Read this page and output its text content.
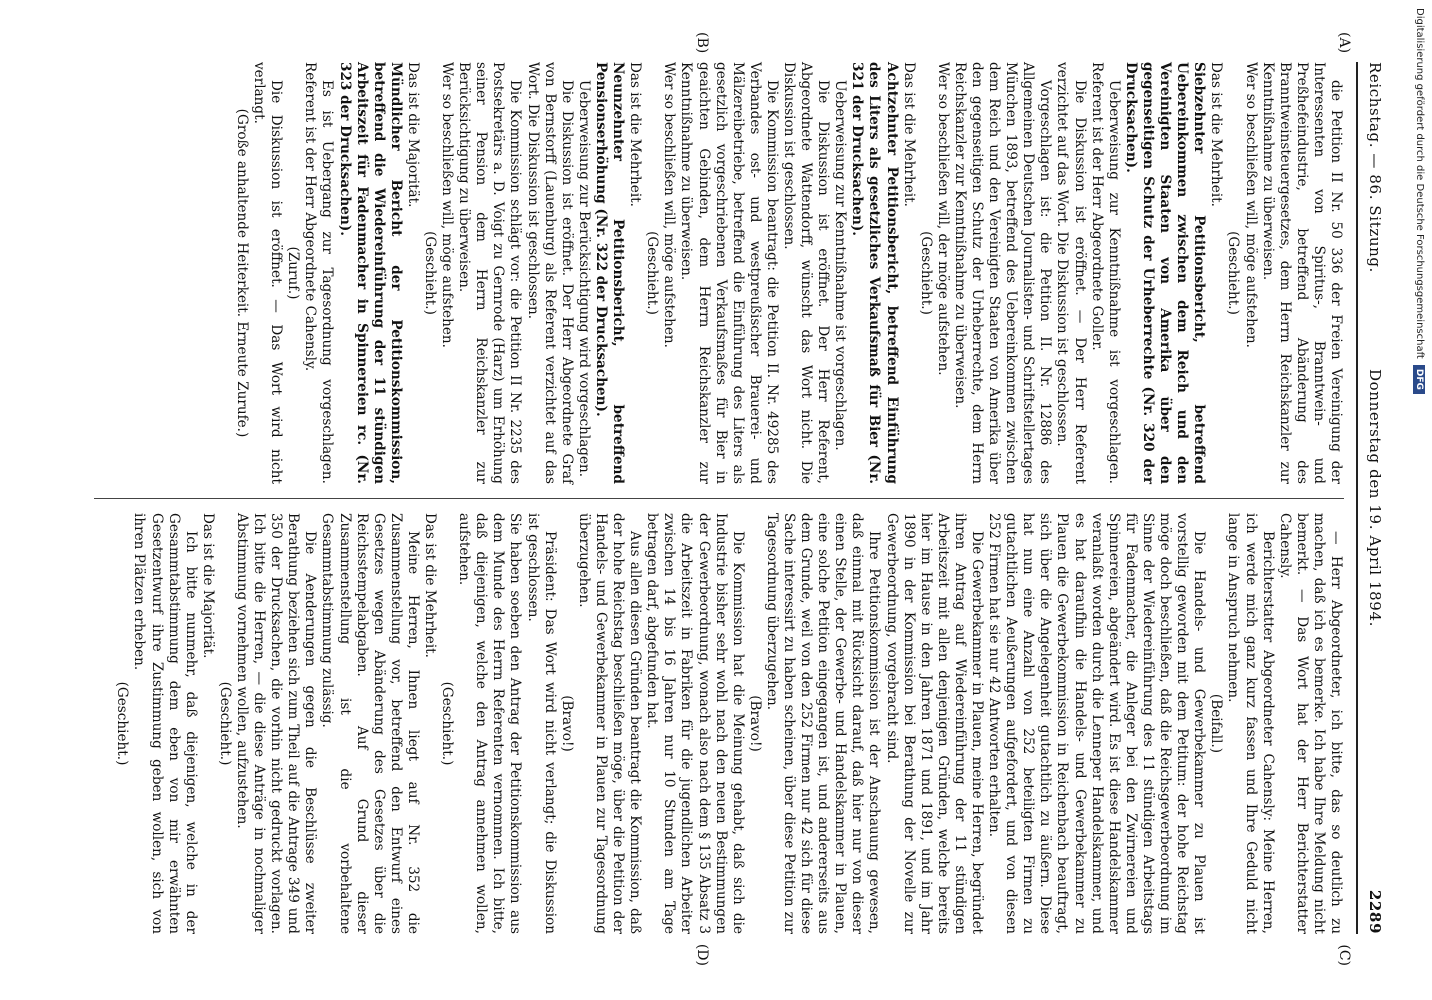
Reichstag. — 86. Sitzung.
Donnerstag den 19. April 1894.
2289

die Petition II Nr. 50 336 der Freien Vereinigung der Interessenten von Spiritus-, Branntwein- und Preßhefeindustrie, betreffend Abänderung des Branntweinsteuergesetzes, dem Herrn Reichskanzler zur Kenntnißnahme zu überweisen.

Wer so beschließen will, möge aufstehen.

(Geschieht.)

Das ist die Mehrheit.

Siebzehnter Petitionsbericht, betreffend Uebereinkommen zwischen dem Reich und den Vereinigten Staaten von Amerika über den gegenseitigen Schutz der Urheberrechte (Nr. 320 der Drucksachen).

Ueberweisung zur Kenntnißnahme ist vorgeschlagen. Referent ist der Herr Abgeordnete Goller.

Die Diskussion ist eröffnet. — Der Herr Referent verzichtet auf das Wort. Die Diskussion ist geschlossen.

Vorgeschlagen ist: die Petition II. Nr. 12886 des Allgemeinen Deutschen Journalisten- und Schriftstellertages München 1893, betreffend des Uebereinkommen zwischen dem Reich und den Vereinigten Staaten von Amerika über den gegenseitigen Schutz der Urheberrechte, dem Herrn Reichskanzler zur Kenntnißnahme zu überweisen.

Wer so beschließen will, der möge aufstehen.

(Geschieht.)

Das ist die Mehrheit.

Achtzehnter Petitionsbericht, betreffend Einführung des Liters als gesetzliches Verkaufsmaß für Bier (Nr. 321 der Drucksachen).

Ueberweisung zur Kenntnißnahme ist vorgeschlagen.

Die Diskussion ist eröffnet. Der Herr Referent, Abgeordnete Wattendorff, wünscht das Wort nicht. Die Diskussion ist geschlossen.

Die Kommission beantragt: die Petition II. Nr. 49285 des Verbandes ost- und westpreußischer Brauerei- und Mälzereibetriebe, betreffend die Einführung des Liters als gesetzlich vorgeschriebenen Verkaufsmaßes für Bier in geaichten Gebinden, dem Herrn Reichskanzler zur Kenntnißnahme zu überweisen.

Wer so beschließen will, möge aufstehen.

(Geschieht.)

Das ist die Mehrheit.

Neunzehnter Petitionsbericht, betreffend Pensionserhöhung (Nr. 322 der Drucksachen).

Ueberweisung zur Berücksichtigung wird vorgeschlagen.

Die Diskussion ist eröffnet. Der Herr Abgeordnete Graf von Bernstorff (Lauenburg) als Referent verzichtet auf das Wort. Die Diskussion ist geschlossen.

Die Kommission schlägt vor: die Petition II Nr. 2235 des Postsekretärs a. D. Voigt zu Gernrode (Harz) um Erhöhung seiner Pension dem Herrn Reichskanzler zur Berücksichtigung zu überweisen.

Wer so beschließen will, möge aufstehen.

(Geschieht.)

Das ist die Majorität.

Mündlicher Bericht der Petitionskommission, betreffend die Wiedereinführung der 11 stündigen Arbeitszeit für Fadenmacher in Spinnereien rc. (Nr. 323 der Drucksachen).

Es ist Uebergang zur Tagesordnung vorgeschlagen. Referent ist der Herr Abgeordnete Cahensly.

(Zuruf.)

Die Diskussion ist eröffnet. — Das Wort wird nicht verlangt.

(Große anhaltende Heiterkeit. Erneute Zurufe.)

— Herr Abgeordneter, ich bitte, das so deutlich zu machen, daß ich es bemerke. Ich habe Ihre Meldung nicht bemerkt. — Das Wort hat der Herr Berichterstatter Cahensly.

Berichterstatter Abgeordneter Cahensly: Meine Herren, ich werde mich ganz kurz fassen und Ihre Geduld nicht lange in Anspruch nehmen.

(Beifall.)

Die Handels- und Gewerbekammer zu Plauen ist vorstellig geworden mit dem Petitum: der hohe Reichstag möge doch beschließen, daß die Reichsgewerbeordnung im Sinne der Wiedereinführung des 11 stündigen Arbeitstags für Fadenmacher, die Anleger bei den Zwirnereien und Spinnereien, abgeändert wird. Es ist diese Handelskammer veranlaßt worden durch die Lenneper Handelskammer, und es hat daraufhin die Handels- und Gewerbekammer zu Plauen die Gewerbekommission in Reichenbach beauftragt, sich über die Angelegenheit gutachtlich zu äußern. Diese hat nun eine Anzahl von 252 beteiligten Firmen zu gutachtlichen Aeußerungen aufgefordert, und von diesen 252 Firmen hat sie nur 42 Antworten erhalten.

Die Gewerbekammer in Plauen, meine Herren, begründet ihren Antrag auf Wiedereinführung der 11 stündigen Arbeitszeit mit allen denjenigen Gründen, welche bereits hier im Hause in den Jahren 1871 und 1891, und im Jahr 1890 in der Kommission bei Berathung der Novelle zur Gewerbeordnung, vorgebracht sind.

Ihre Petitionskommission ist der Anschauung gewesen, daß einmal mit Rücksicht darauf, daß hier nur von dieser einen Stelle, der Gewerbe- und Handelskammer in Plauen, eine solche Petition eingegangen ist, und andererseits aus dem Grunde, weil von den 252 Firmen nur 42 sich für diese Sache interessirt zu haben scheinen, über diese Petition zur Tagesordnung überzugehen.

(Bravo!)

Die Kommission hat die Meinung gehabt, daß sich die Industrie bisher sehr wohl nach den neuen Bestimmungen der Gewerbeordnung, wonach also nach dem § 135 Absatz 3 die Arbeitszeit in Fabriken für die jugendlichen Arbeiter zwischen 14 bis 16 Jahren nur 10 Stunden am Tage betragen darf, abgefunden hat.

Aus allen diesen Gründen beantragt die Kommission, daß der hohe Reichstag beschließen möge, über die Petition der Handels- und Gewerbekammer in Plauen zur Tagesordnung überzugehen.

(Bravo!)

Präsident: Das Wort wird nicht verlangt; die Diskussion ist geschlossen.

Sie haben soeben den Antrag der Petitionskommission aus dem Munde des Herrn Referenten vernommen. Ich bitte, daß diejenigen, welche den Antrag annehmen wollen, aufstehen.

(Geschieht.)

Das ist die Mehrheit.

Meine Herren, Ihnen liegt auf Nr. 352 die Zusammenstellung vor, betreffend den Entwurf eines Gesetzes wegen Abänderung des Gesetzes über die Reichsstempelabgaben. Auf Grund dieser Zusammenstellung ist die vorbehaltene Gesammtabstimmung zulässig.

Die Aenderungen gegen die Beschlüsse zweiter Berathung beziehen sich zum Theil auf die Antrage 349 und 350 der Drucksachen, die vorhin nicht gedruckt vorlagen. Ich bitte die Herren, — die diese Anträge in nochmaliger Abstimmung vornehmen wollen, aufzustehen.

(Geschieht.)

Das ist die Majorität.

Ich bitte nunmehr, daß diejenigen, welche in der Gesammtabstimmung dem eben von mir erwähnten Gesetzentwurf ihre Zustimmung geben wollen, sich von ihren Plätzen erheben.

(Geschieht.)

(A)
(B)
(C)
(D)
Digitalisierung gefördert durch die Deutsche Forschungsgemeinschaft
DFG
